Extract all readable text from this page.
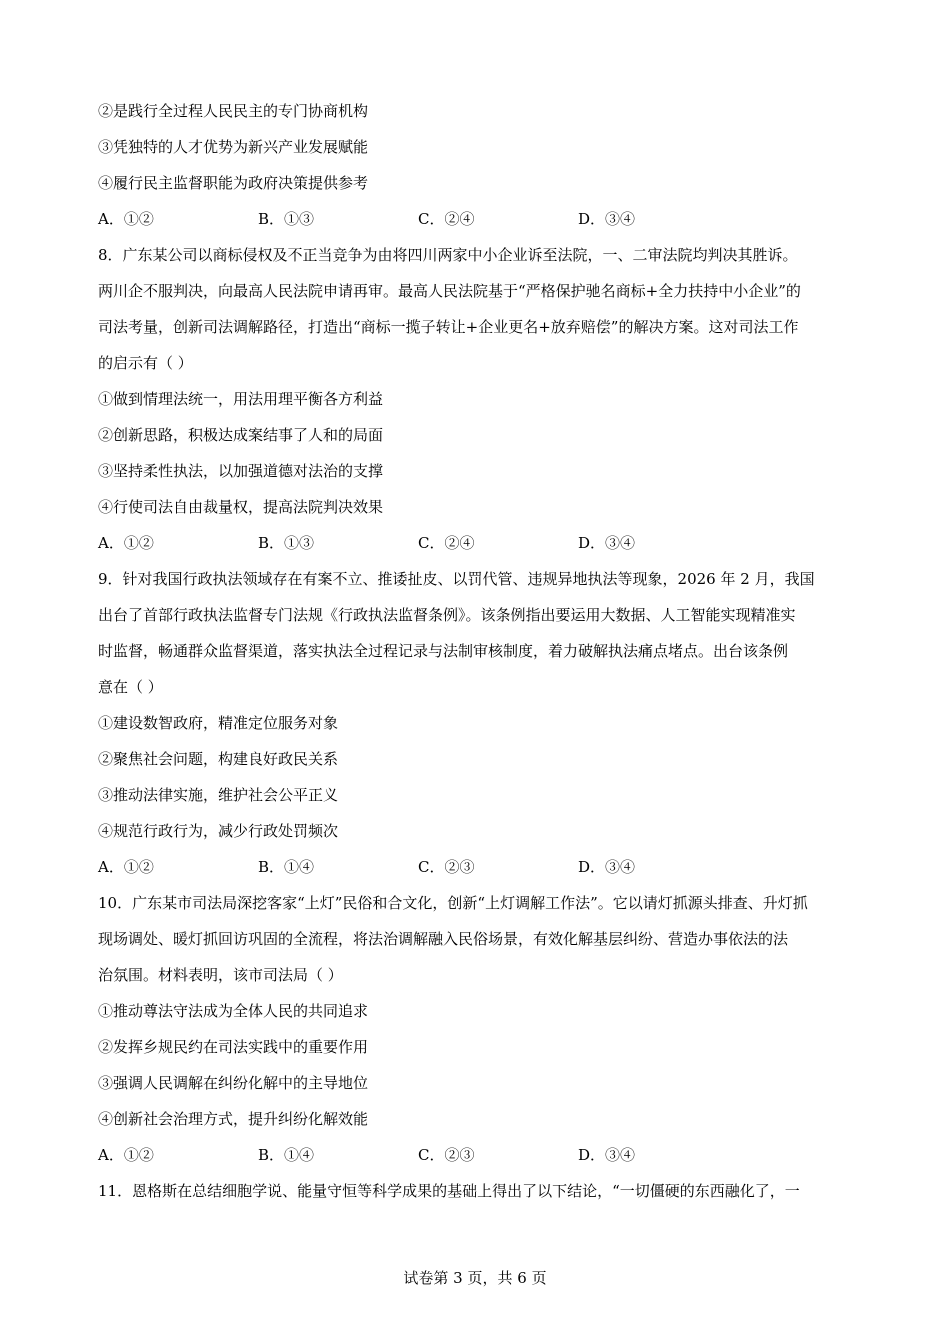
②是践行全过程人民民主的专门协商机构
③凭独特的人才优势为新兴产业发展赋能
④履行民主监督职能为政府决策提供参考
A．①②	B．①③	C．②④	D．③④
8．广东某公司以商标侵权及不正当竞争为由将四川两家中小企业诉至法院，一、二审法院均判决其胜诉。
两川企不服判决，向最高人民法院申请再审。最高人民法院基于“严格保护驰名商标+全力扶持中小企业”的
司法考量，创新司法调解路径，打造出“商标一揽子转让+企业更名+放弃赔偿”的解决方案。这对司法工作
的启示有（ ）
①做到情理法统一，用法用理平衡各方利益
②创新思路，积极达成案结事了人和的局面
③坚持柔性执法，以加强道德对法治的支撑
④行使司法自由裁量权，提高法院判决效果
A．①②	B．①③	C．②④	D．③④
9．针对我国行政执法领域存在有案不立、推诿扯皮、以罚代管、违规异地执法等现象，2026 年 2 月，我国
出台了首部行政执法监督专门法规《行政执法监督条例》。该条例指出要运用大数据、人工智能实现精准实
时监督，畅通群众监督渠道，落实执法全过程记录与法制审核制度，着力破解执法痛点堵点。出台该条例
意在（ ）
①建设数智政府，精准定位服务对象
②聚焦社会问题，构建良好政民关系
③推动法律实施，维护社会公平正义
④规范行政行为，减少行政处罚频次
A．①②	B．①④	C．②③	D．③④
10．广东某市司法局深挖客家“上灯”民俗和合文化，创新“上灯调解工作法”。它以请灯抓源头排查、升灯抓
现场调处、暖灯抓回访巩固的全流程，将法治调解融入民俗场景，有效化解基层纠纷、营造办事依法的法
治氛围。材料表明，该市司法局（ ）
①推动尊法守法成为全体人民的共同追求
②发挥乡规民约在司法实践中的重要作用
③强调人民调解在纠纷化解中的主导地位
④创新社会治理方式，提升纠纷化解效能
A．①②	B．①④	C．②③	D．③④
11．恩格斯在总结细胞学说、能量守恒等科学成果的基础上得出了以下结论，“一切僵硬的东西融化了，一
试卷第 3 页，共 6 页
